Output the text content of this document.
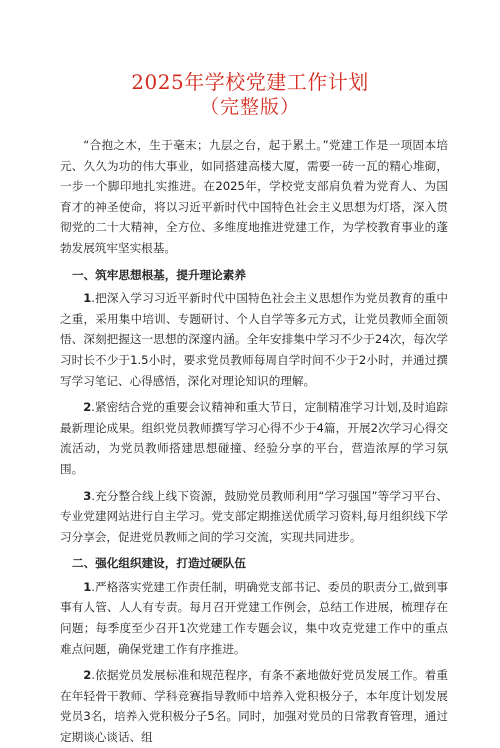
2025年学校党建工作计划
（完整版）

“合抱之木，生于毫末；九层之台，起于累土。”党建工作是一项固本培元、久久为功的伟大事业，如同搭建高楼大厦，需要一砖一瓦的精心堆砌，一步一个脚印地扎实推进。在2025年，学校党支部肩负着为党育人、为国育才的神圣使命，将以习近平新时代中国特色社会主义思想为灯塔，深入贯彻党的二十大精神，全方位、多维度地推进党建工作，为学校教育事业的蓬勃发展筑牢坚实根基。

一、筑牢思想根基，提升理论素养

1.把深入学习习近平新时代中国特色社会主义思想作为党员教育的重中之重，采用集中培训、专题研讨、个人自学等多元方式，让党员教师全面领悟、深刻把握这一思想的深邃内涵。全年安排集中学习不少于24次，每次学习时长不少于1.5小时，要求党员教师每周自学时间不少于2小时，并通过撰写学习笔记、心得感悟，深化对理论知识的理解。

2.紧密结合党的重要会议精神和重大节日，定制精准学习计划,及时追踪最新理论成果。组织党员教师撰写学习心得不少于4篇，开展2次学习心得交流活动，为党员教师搭建思想碰撞、经验分享的平台，营造浓厚的学习氛围。

3.充分整合线上线下资源，鼓励党员教师利用“学习强国”等学习平台、专业党建网站进行自主学习。党支部定期推送优质学习资料,每月组织线下学习分享会，促进党员教师之间的学习交流，实现共同进步。

二、强化组织建设，打造过硬队伍

1.严格落实党建工作责任制，明确党支部书记、委员的职责分工,做到事事有人管、人人有专责。每月召开党建工作例会，总结工作进展，梳理存在问题；每季度至少召开1次党建工作专题会议，集中攻克党建工作中的重点难点问题，确保党建工作有序推进。

2.依据党员发展标准和规范程序，有条不紊地做好党员发展工作。着重在年轻骨干教师、学科竞赛指导教师中培养入党积极分子，本年度计划发展党员3名，培养入党积极分子5名。同时，加强对党员的日常教育管理，通过定期谈心谈话、组
